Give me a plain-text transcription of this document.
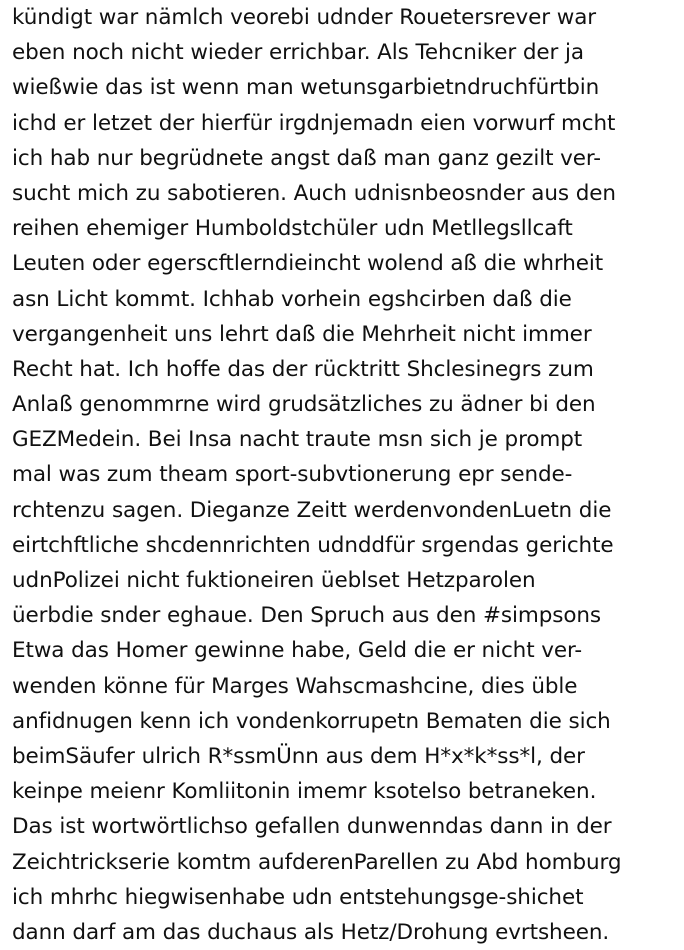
kündigt war nämlch veorebi udnder Rouetersrever war
eben noch nicht wieder errichbar. Als Tehcniker der ja
wießwie das ist wenn man wetunsgarbietndruchfürtbin
ichd er letzet der hierfür irgdnjemadn eien vorwurf mcht
ich hab nur begrüdnete angst daß man ganz gezilt ver-
sucht mich zu sabotieren. Auch udnisnbeosnder aus den
reihen ehemiger Humboldstchüler udn Metllegsllcaft
Leuten oder egerscftlerndieincht wolend aß die whrheit
asn Licht kommt. Ichhab vorhein egshcirben daß die
vergangenheit uns lehrt daß die Mehrheit nicht immer
Recht hat. Ich hoffe das der rücktritt Shclesinegrs zum
Anlaß genommrne wird grudsätzliches zu ädner bi den
GEZMedein. Bei Insa nacht traute msn sich je prompt
mal was zum theam sport-subvtionerung epr sende-
rchtenzu sagen. Dieganze Zeitt werdenvondenLuetn die
eirtchftliche shcdennrichten udnddfür srgendas gerichte
udnPolizei nicht fuktioneiren üeblset Hetzparolen
üerbdie snder eghaue. Den Spruch aus den #simpsons
Etwa das Homer gewinne habe, Geld die er nicht ver-
wenden könne für Marges Wahscmashcine, dies üble
anfidnugen kenn ich vondenkorrupetn Bematen die sich
beimSäufer ulrich R*ssmÜnn aus dem H*x*k*ss*l, der
keinpe meienr Komliitonin imemr ksotelso betraneken.
Das ist wortwörtlichso gefallen dunwenndas dann in der
Zeichtrickserie komtm aufderenParellen zu Abd homburg
ich mhrhc hiegwisenhabe udn entstehungsge-shichet
dann darf am das duchaus als Hetz/Drohung evrtsheen.
